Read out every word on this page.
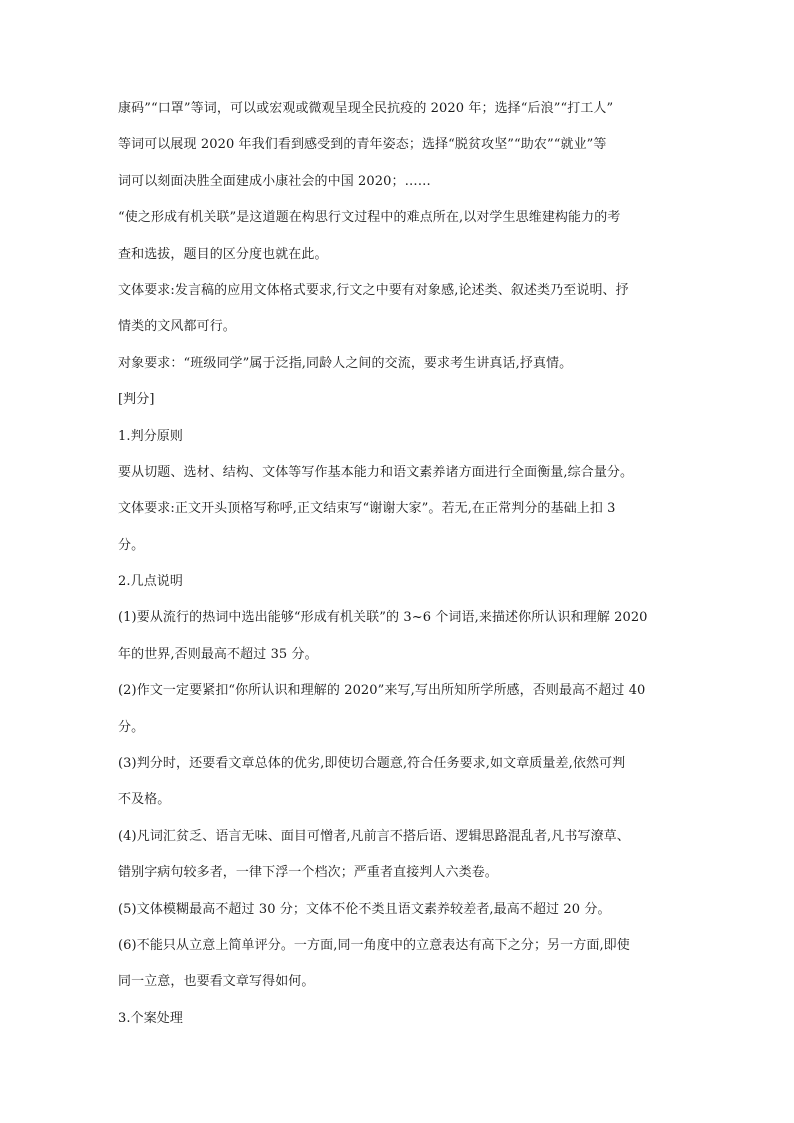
康码”“口罩”等词，可以或宏观或微观呈现全民抗疫的 2020 年；选择“后浪”“打工人”
等词可以展现 2020 年我们看到感受到的青年姿态；选择“脱贫攻坚”“助农”“就业”等
词可以刻面决胜全面建成小康社会的中国 2020；……
“使之形成有机关联”是这道题在构思行文过程中的难点所在,以对学生思维建构能力的考
查和选拔，题目的区分度也就在此。
文体要求:发言稿的应用文体格式要求,行文之中要有对象感,论述类、叙述类乃至说明、抒
情类的文风都可行。
对象要求：“班级同学”属于泛指,同龄人之间的交流，要求考生讲真话,抒真情。
[判分]
1.判分原则
要从切题、选材、结构、文体等写作基本能力和语文素养诸方面进行全面衡量,综合量分。
文体要求:正文开头顶格写称呼,正文结束写“谢谢大家”。若无,在正常判分的基础上扣 3
分。
2.几点说明
(1)要从流行的热词中选出能够“形成有机关联”的 3~6 个词语,来描述你所认识和理解 2020
年的世界,否则最高不超过 35 分。
(2)作文一定要紧扣“你所认识和理解的 2020”来写,写出所知所学所感，否则最高不超过 40
分。
(3)判分时，还要看文章总体的优劣,即使切合题意,符合任务要求,如文章质量差,依然可判
不及格。
(4)凡词汇贫乏、语言无味、面目可憎者,凡前言不搭后语、逻辑思路混乱者,凡书写潦草、
错别字病句较多者，一律下浮一个档次；严重者直接判人六类卷。
(5)文体模糊最高不超过 30 分；文体不伦不类且语文素养较差者,最高不超过 20 分。
(6)不能只从立意上简单评分。一方面,同一角度中的立意表达有高下之分；另一方面,即使
同一立意，也要看文章写得如何。
3.个案处理
